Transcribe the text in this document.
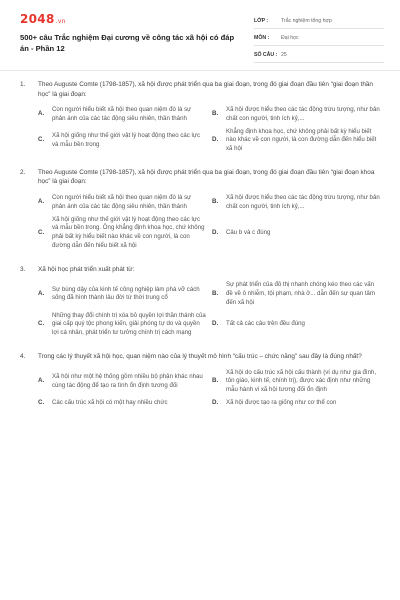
2048.vn
500+ câu Trắc nghiệm Đại cương về công tác xã hội có đáp án - Phần 12
LỚP :	Trắc nghiệm tổng hợp
MÔN :	Đại học
SỐ CÂU : 25
1.	Theo Auguste Comte (1798-1857), xã hội được phát triển qua ba giai đoạn, trong đó giai đoạn đầu tiên “giai đoạn thần học” là giai đoạn:
A.
Con người hiểu biết xã hội theo quan niệm đó là sự phản ánh của các tác động siêu nhiên, thần thánh
B.
Xã hội được hiểu theo các tác động trừu tượng, như bản chất con người, tinh ích kỷ,...
C.
Xã hội giống như thế giới vật lý hoạt động theo các lực và mẫu bền trong
D.
Khẳng định khoa học, chứ không phải bất kỳ hiểu biết nào khác về con người, là con đường dẫn đến hiểu biết xã hội
2.	Theo Auguste Comte (1798-1857), xã hội được phát triển qua ba giai đoạn, trong đó giai đoạn đầu tiên “giai đoạn khoa học” là giai đoạn:
A.
Con người hiểu biết xã hội theo quan niệm đó là sự phản ánh của các tác động siêu nhiên, thần thánh
B.
Xã hội được hiểu theo các tác động trừu tượng, như bản chất con người, tinh ích kỷ,...
C.
Xã hội giống như thế giới vật lý hoạt động theo các lực và mẫu bền trong. Ông khẳng định khoa học, chứ không phải bất kỳ hiểu biết nào khác về con người, là con đường dẫn đến hiểu biết xã hội
D.	Câu b và c đúng
3.	Xã hội học phát triển xuất phát từ:
A.
Sự bùng dậy của kinh tế công nghiệp làm phá vỡ cách sống đã hình thành lâu đời từ thời trung cổ
B.
Sự phát triển của đô thị nhanh chóng kéo theo các vấn đề về ô nhiễm, tội phạm, nhà ở... dẫn đến sự quan tâm đến xã hội
C.
Những thay đổi chính trị xóa bỏ quyền lợi thần thánh của giai cấp quý tộc phong kiến, giải phóng tự do và quyền lợi cá nhân, phát triển tư tưởng chính trị cách mạng
D.	Tất cả các câu trên đều đúng
4.	Trong các lý thuyết xã hội học, quan niệm nào của lý thuyết mô hình “cấu trúc – chức năng” sau đây là đúng nhất?
A.
Xã hội như một hệ thống gồm nhiều bộ phận khác nhau cùng tác động để tạo ra tình ổn định tương đối
B.
Xã hội do cấu trúc xã hội cấu thành (ví dụ như gia đình, tôn giáo, kinh tế, chính trị), được xác định như những mẫu hành vi xã hội tương đối ổn định
C.	Các cấu trúc xã hội có một hay nhiều chức	D.	Xã hội được tạo ra giống như cơ thể con
